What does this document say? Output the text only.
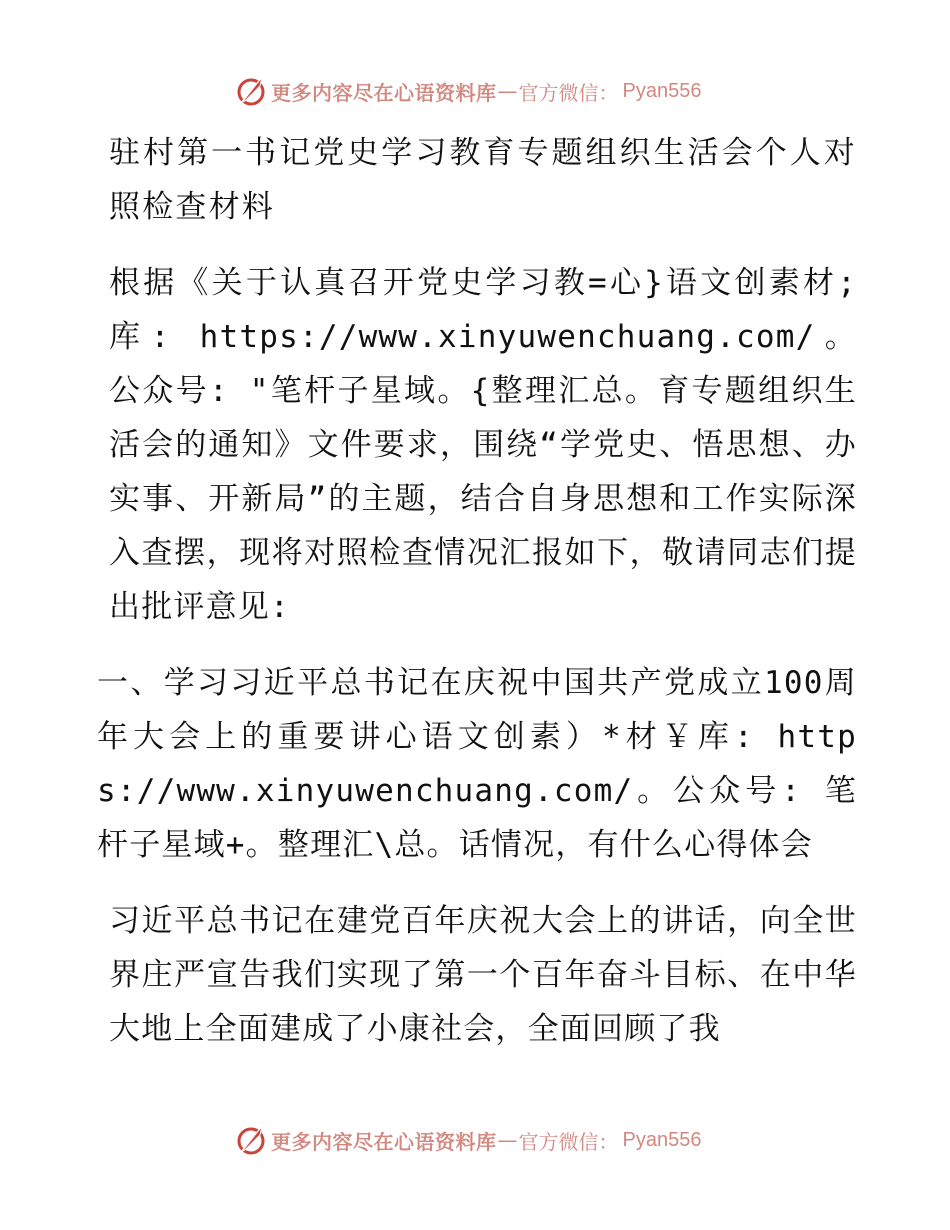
更多内容尽在心语资料库 — 官方微信： Pyan556

驻村第一书记党史学习教育专题组织生活会个人对照检查材料

根据《关于认真召开党史学习教=心}语文创素材;库: https://www.xinyuwenchuang.com/。公众号: "笔杆子星域。{整理汇总。育专题组织生活会的通知》文件要求，围绕“学党史、悟思想、办实事、开新局”的主题，结合自身思想和工作实际深入查摆，现将对照检查情况汇报如下，敬请同志们提出批评意见:

一、学习习近平总书记在庆祝中国共产党成立100周年大会上的重要讲心语文创素）*材￥库: https://www.xinyuwenchuang.com/。公众号: 笔杆子星域+。整理汇\总。话情况，有什么心得体会

习近平总书记在建党百年庆祝大会上的讲话，向全世界庄严宣告我们实现了第一个百年奋斗目标、在中华大地上全面建成了小康社会，全面回顾了我

更多内容尽在心语资料库 — 官方微信： Pyan556
